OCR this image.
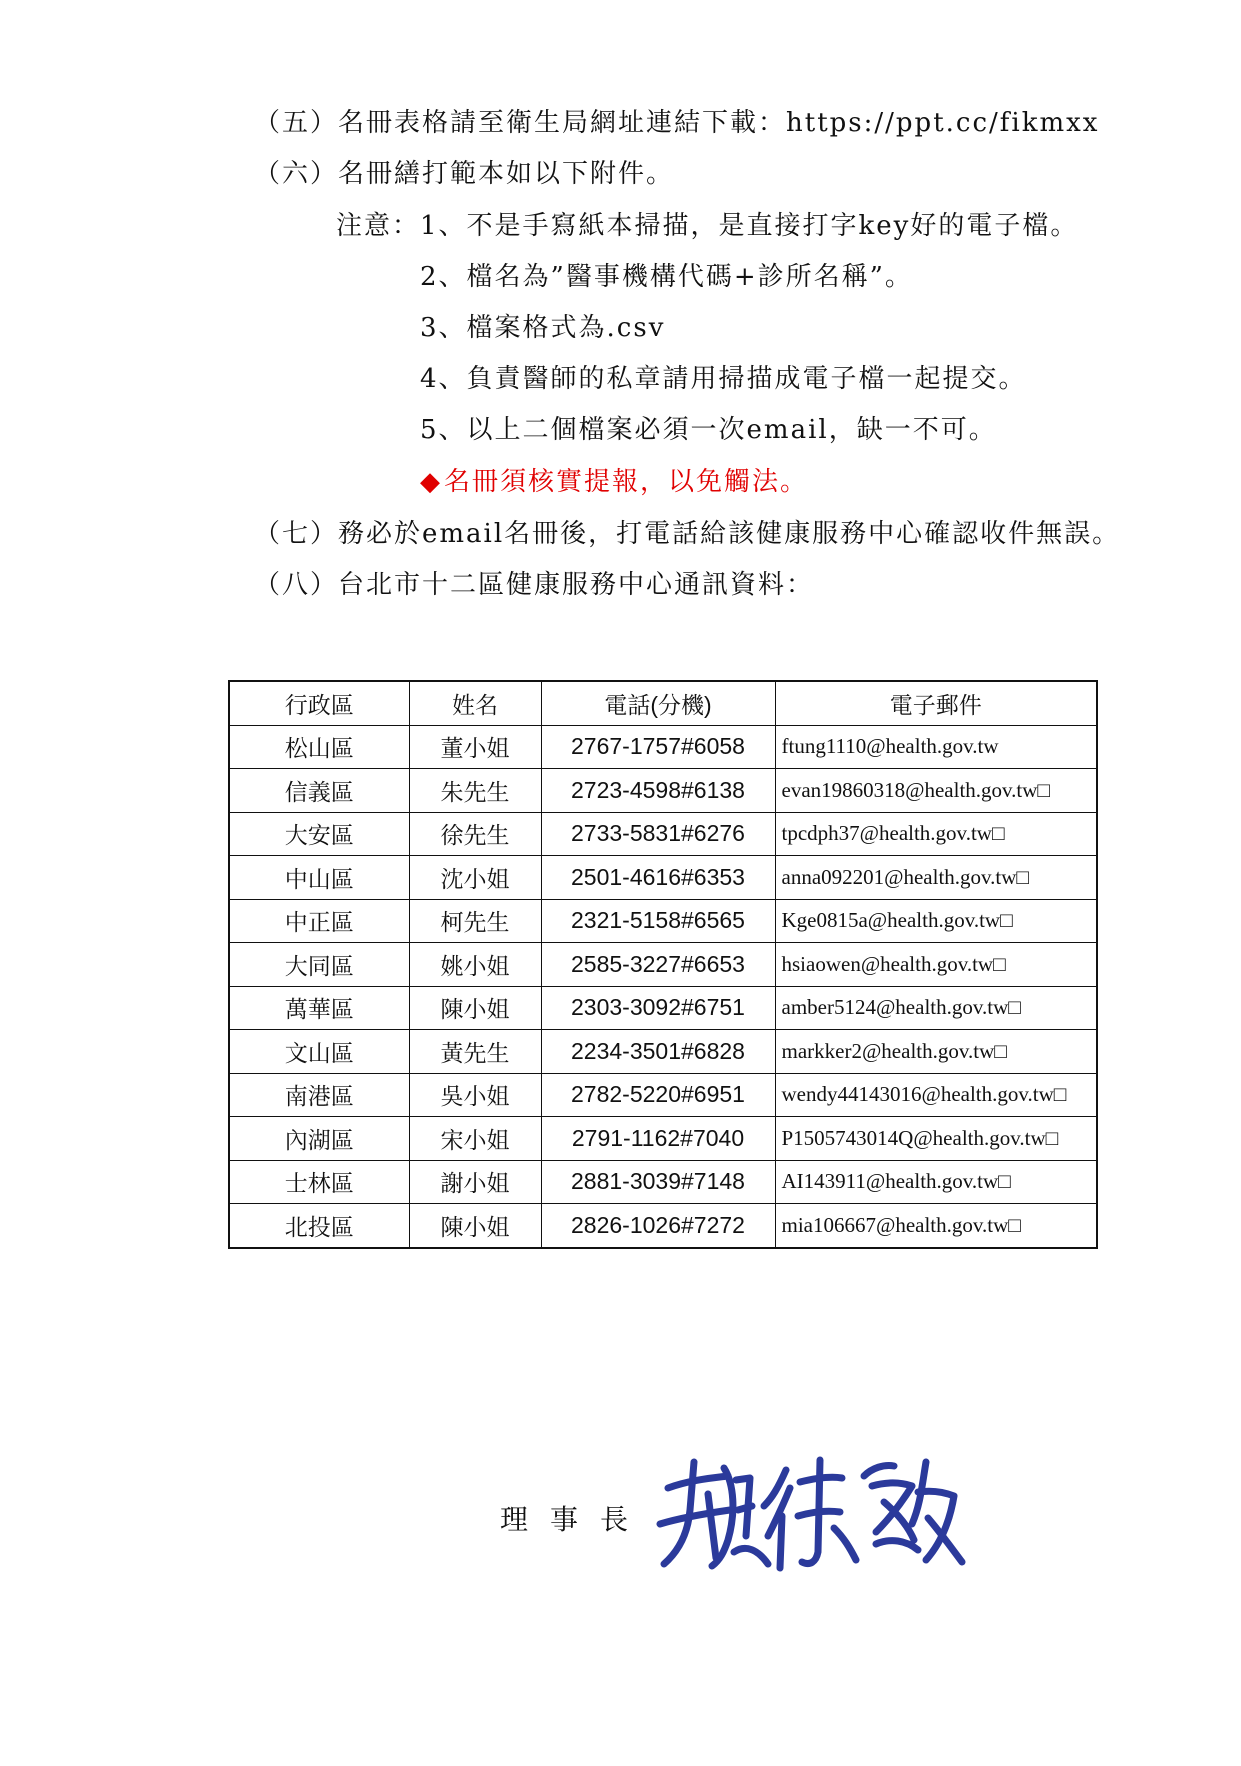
（五）名冊表格請至衛生局網址連結下載：https://ppt.cc/fikmxx
（六）名冊繕打範本如以下附件。
注意：1、不是手寫紙本掃描，是直接打字key好的電子檔。
2、檔名為”醫事機構代碼+診所名稱”。
3、檔案格式為.csv
4、負責醫師的私章請用掃描成電子檔一起提交。
5、以上二個檔案必須一次email，缺一不可。
◆名冊須核實提報，以免觸法。
（七）務必於email名冊後，打電話給該健康服務中心確認收件無誤。
（八）台北市十二區健康服務中心通訊資料：
行政區	姓名	電話(分機)	電子郵件
松山區	董小姐	2767-1757#6058	ftung1110@health.gov.tw
信義區	朱先生	2723-4598#6138	evan19860318@health.gov.tw□
大安區	徐先生	2733-5831#6276	tpcdph37@health.gov.tw□
中山區	沈小姐	2501-4616#6353	anna092201@health.gov.tw□
中正區	柯先生	2321-5158#6565	Kge0815a@health.gov.tw□
大同區	姚小姐	2585-3227#6653	hsiaowen@health.gov.tw□
萬華區	陳小姐	2303-3092#6751	amber5124@health.gov.tw□
文山區	黃先生	2234-3501#6828	markker2@health.gov.tw□
南港區	吳小姐	2782-5220#6951	wendy44143016@health.gov.tw□
內湖區	宋小姐	2791-1162#7040	P1505743014Q@health.gov.tw□
士林區	謝小姐	2881-3039#7148	AI143911@health.gov.tw□
北投區	陳小姐	2826-1026#7272	mia106667@health.gov.tw□
理事長
